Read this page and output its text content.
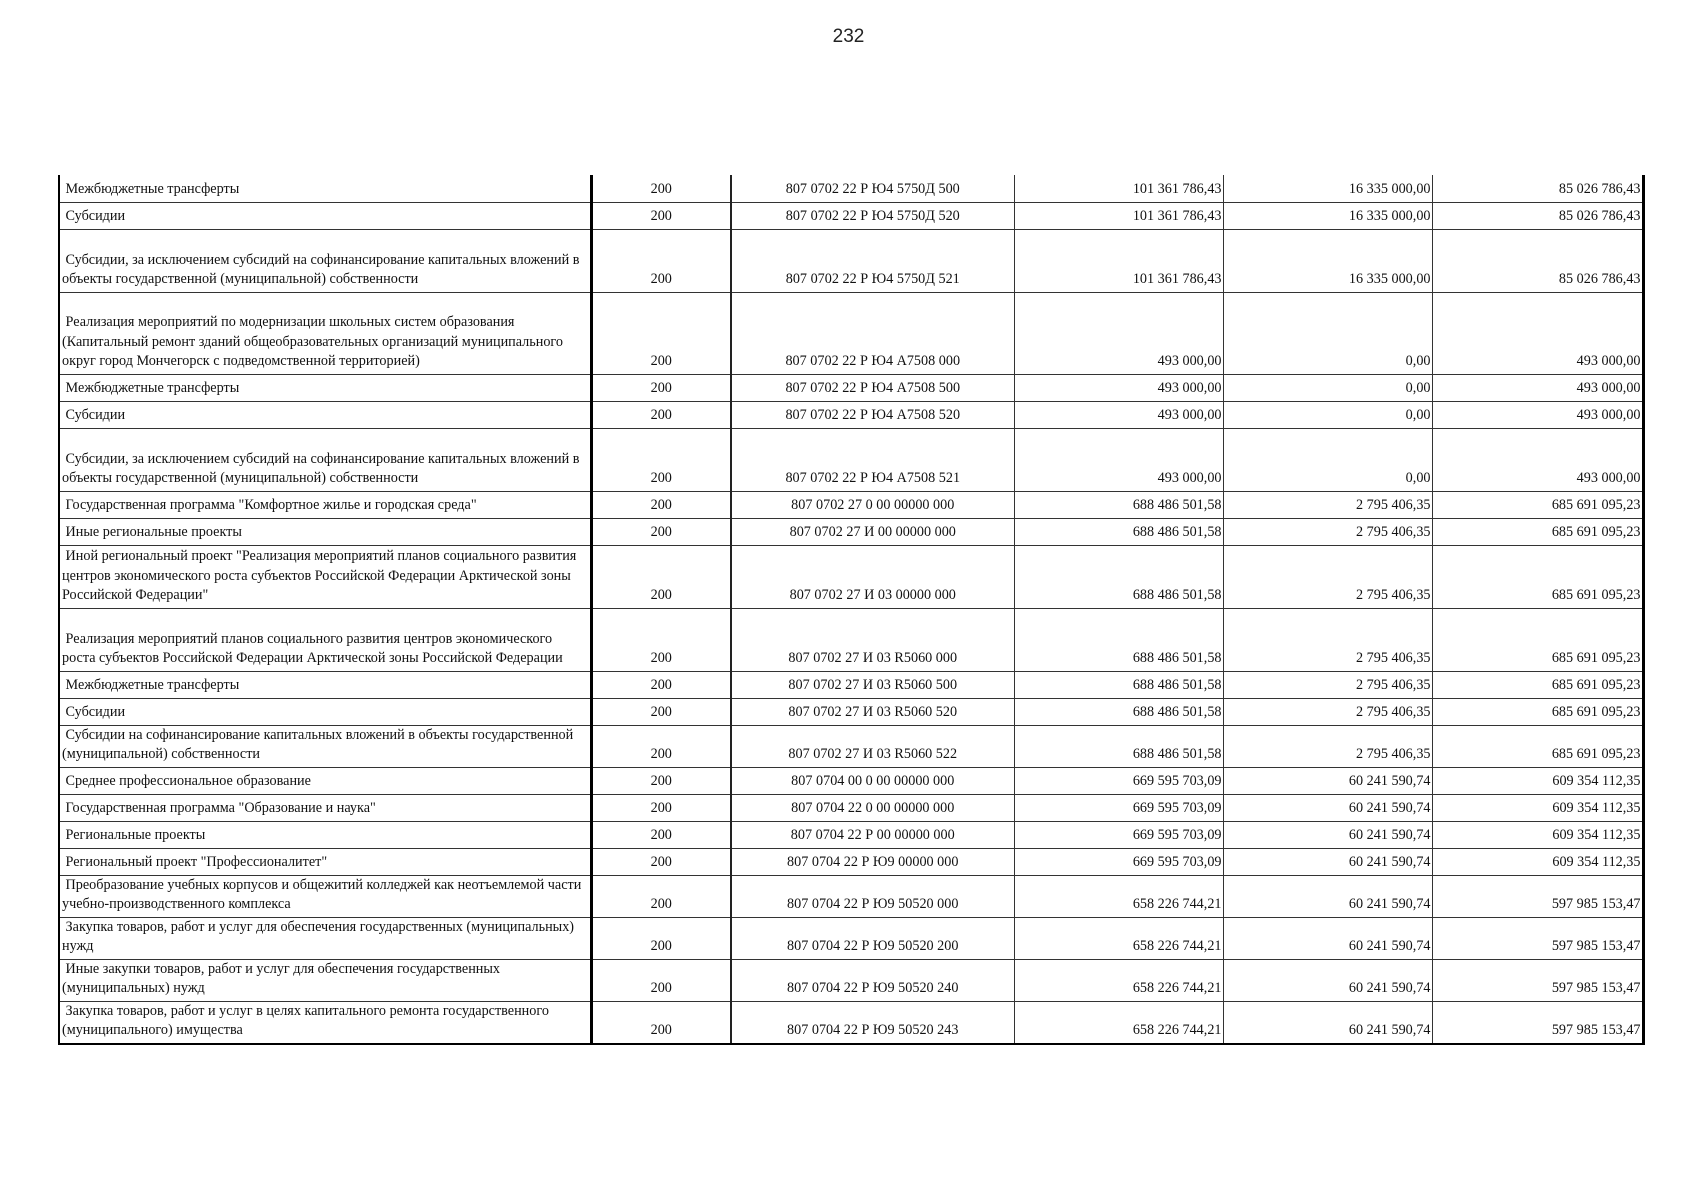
232
Межбюджетные трансферты	200	807 0702 22 Р Ю4 5750Д 500	101 361 786,43	16 335 000,00	85 026 786,43
Субсидии	200	807 0702 22 Р Ю4 5750Д 520	101 361 786,43	16 335 000,00	85 026 786,43
Субсидии, за исключением субсидий на софинансирование капитальных вложений в объекты государственной (муниципальной) собственности	200	807 0702 22 Р Ю4 5750Д 521	101 361 786,43	16 335 000,00	85 026 786,43
Реализация мероприятий по модернизации школьных систем образования (Капитальный ремонт зданий общеобразовательных организаций муниципального округ город Мончегорск с подведомственной территорией)	200	807 0702 22 Р Ю4 А7508 000	493 000,00	0,00	493 000,00
Межбюджетные трансферты	200	807 0702 22 Р Ю4 А7508 500	493 000,00	0,00	493 000,00
Субсидии	200	807 0702 22 Р Ю4 А7508 520	493 000,00	0,00	493 000,00
Субсидии, за исключением субсидий на софинансирование капитальных вложений в объекты государственной (муниципальной) собственности	200	807 0702 22 Р Ю4 А7508 521	493 000,00	0,00	493 000,00
Государственная программа "Комфортное жилье и городская среда"	200	807 0702 27 0 00 00000 000	688 486 501,58	2 795 406,35	685 691 095,23
Иные региональные проекты	200	807 0702 27 И 00 00000 000	688 486 501,58	2 795 406,35	685 691 095,23
Иной региональный проект "Реализация мероприятий планов социального развития центров экономического роста субъектов Российской Федерации Арктической зоны Российской Федерации"	200	807 0702 27 И 03 00000 000	688 486 501,58	2 795 406,35	685 691 095,23
Реализация мероприятий планов социального развития центров экономического роста субъектов Российской Федерации Арктической зоны Российской Федерации	200	807 0702 27 И 03 R5060 000	688 486 501,58	2 795 406,35	685 691 095,23
Межбюджетные трансферты	200	807 0702 27 И 03 R5060 500	688 486 501,58	2 795 406,35	685 691 095,23
Субсидии	200	807 0702 27 И 03 R5060 520	688 486 501,58	2 795 406,35	685 691 095,23
Субсидии на софинансирование капитальных вложений в объекты государственной (муниципальной) собственности	200	807 0702 27 И 03 R5060 522	688 486 501,58	2 795 406,35	685 691 095,23
Среднее профессиональное образование	200	807 0704 00 0 00 00000 000	669 595 703,09	60 241 590,74	609 354 112,35
Государственная программа "Образование и наука"	200	807 0704 22 0 00 00000 000	669 595 703,09	60 241 590,74	609 354 112,35
Региональные проекты	200	807 0704 22 Р 00 00000 000	669 595 703,09	60 241 590,74	609 354 112,35
Региональный проект "Профессионалитет"	200	807 0704 22 Р Ю9 00000 000	669 595 703,09	60 241 590,74	609 354 112,35
Преобразование учебных корпусов и общежитий колледжей как неотъемлемой части учебно-производственного комплекса	200	807 0704 22 Р Ю9 50520 000	658 226 744,21	60 241 590,74	597 985 153,47
Закупка товаров, работ и услуг для обеспечения государственных (муниципальных) нужд	200	807 0704 22 Р Ю9 50520 200	658 226 744,21	60 241 590,74	597 985 153,47
Иные закупки товаров, работ и услуг для обеспечения государственных (муниципальных) нужд	200	807 0704 22 Р Ю9 50520 240	658 226 744,21	60 241 590,74	597 985 153,47
Закупка товаров, работ и услуг в целях капитального ремонта государственного (муниципального) имущества	200	807 0704 22 Р Ю9 50520 243	658 226 744,21	60 241 590,74	597 985 153,47
